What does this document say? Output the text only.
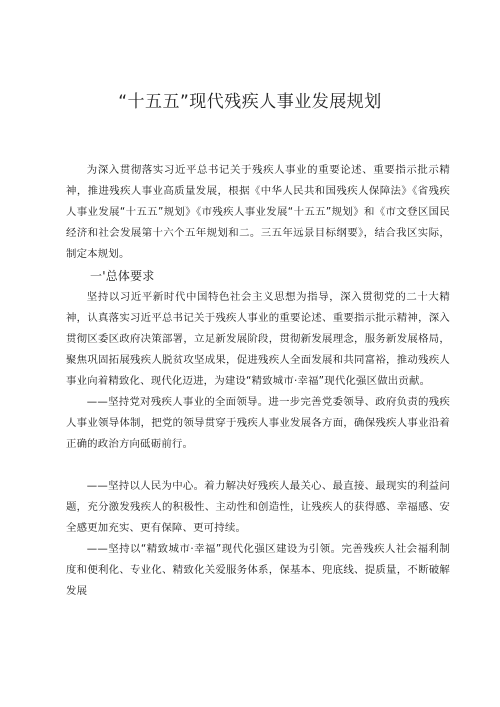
“十五五”现代残疾人事业发展规划

为深入贯彻落实习近平总书记关于残疾人事业的重要论述、重要指示批示精神，推进残疾人事业高质量发展，根据《中华人民共和国残疾人保障法》《省残疾人事业发展“十五五”规划》《市残疾人事业发展“十五五”规划》和《市文登区国民经济和社会发展第十六个五年规划和二。三五年远景目标纲要》，结合我区实际，制定本规划。

一'总体要求

坚持以习近平新时代中国特色社会主义思想为指导，深入贯彻党的二十大精神，认真落实习近平总书记关于残疾人事业的重要论述、重要指示批示精神，深入贯彻区委区政府决策部署，立足新发展阶段，贯彻新发展理念，服务新发展格局，聚焦巩固拓展残疾人脱贫攻坚成果，促进残疾人全面发展和共同富裕，推动残疾人事业向着精致化、现代化迈进，为建设“精致城市·幸福”现代化强区做出贡献。

——坚持党对残疾人事业的全面领导。进一步完善党委领导、政府负责的残疾人事业领导体制，把党的领导贯穿于残疾人事业发展各方面，确保残疾人事业沿着正确的政治方向砥砺前行。

——坚持以人民为中心。着力解决好残疾人最关心、最直接、最现实的利益问题，充分激发残疾人的积极性、主动性和创造性，让残疾人的获得感、幸福感、安全感更加充实、更有保障、更可持续。

——坚持以“精致城市·幸福”现代化强区建设为引领。完善残疾人社会福利制度和便利化、专业化、精致化关爱服务体系，保基本、兜底线、提质量，不断破解发展
